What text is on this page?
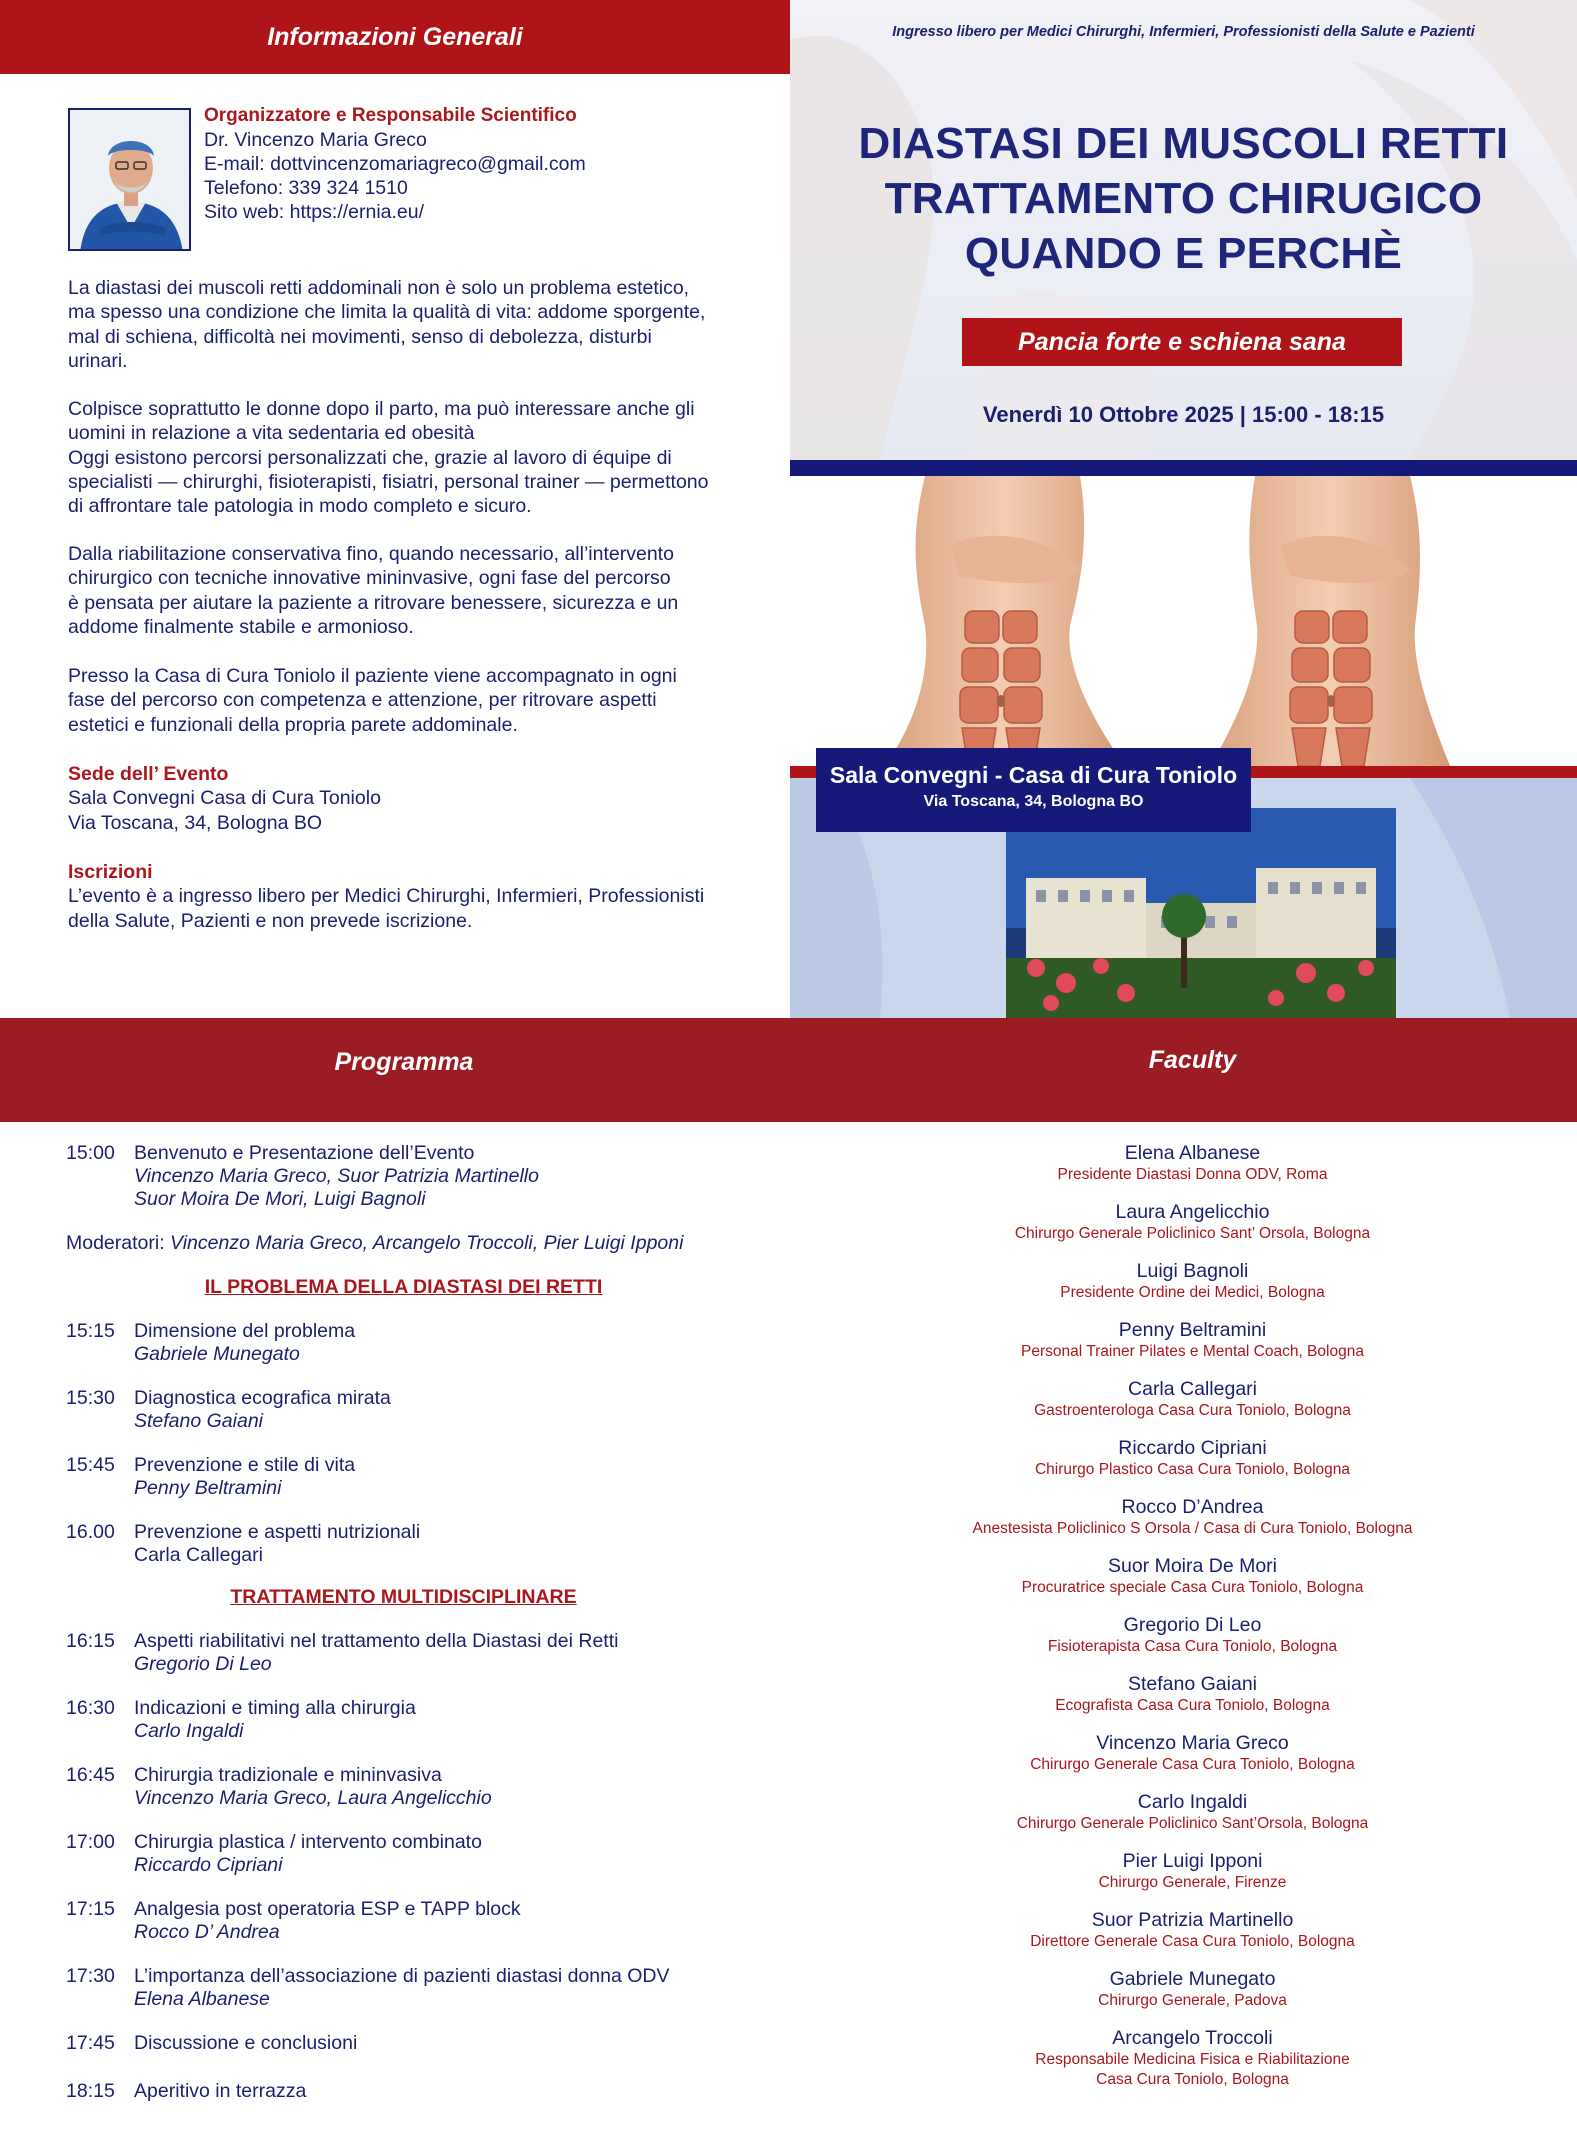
Informazioni Generali
Organizzatore e Responsabile Scientifico
Dr. Vincenzo Maria Greco
E-mail: dottvincenzomariagreco@gmail.com
Telefono: 339 324 1510
Sito web: https://ernia.eu/
La diastasi dei muscoli retti addominali non è solo un problema estetico,
ma spesso una condizione che limita la qualità di vita: addome sporgente,
mal di schiena, difficoltà nei movimenti, senso di debolezza, disturbi
urinari.
Colpisce soprattutto le donne dopo il parto, ma può interessare anche gli
uomini in relazione a vita sedentaria ed obesità
Oggi esistono percorsi personalizzati che, grazie al lavoro di équipe di
specialisti — chirurghi, fisioterapisti, fisiatri, personal trainer — permettono
di affrontare tale patologia in modo completo e sicuro.
Dalla riabilitazione conservativa fino, quando necessario, all’intervento
chirurgico con tecniche innovative mininvasive, ogni fase del percorso
è pensata per aiutare la paziente a ritrovare benessere, sicurezza e un
addome finalmente stabile e armonioso.
Presso la Casa di Cura Toniolo il paziente viene accompagnato in ogni
fase del percorso con competenza e attenzione, per ritrovare aspetti
estetici e funzionali della propria parete addominale.
Sede dell’ Evento
Sala Convegni Casa di Cura Toniolo
Via Toscana, 34, Bologna BO
Iscrizioni
L’evento è a ingresso libero per Medici Chirurghi, Infermieri, Professionisti
della Salute, Pazienti e non prevede iscrizione.
Ingresso libero per Medici Chirurghi, Infermieri, Professionisti della Salute e Pazienti
DIASTASI DEI MUSCOLI RETTI
TRATTAMENTO CHIRUGICO
QUANDO E PERCHÈ
Pancia forte e schiena sana
Venerdì 10 Ottobre 2025 | 15:00 - 18:15
Sala Convegni - Casa di Cura Toniolo
Via Toscana, 34, Bologna BO
Programma	Faculty
15:00 Benvenuto e Presentazione dell’Evento
Vincenzo Maria Greco, Suor Patrizia Martinello
Suor Moira De Mori, Luigi Bagnoli
Moderatori: Vincenzo Maria Greco, Arcangelo Troccoli, Pier Luigi Ipponi
IL PROBLEMA DELLA DIASTASI DEI RETTI
15:15 Dimensione del problema
Gabriele Munegato
15:30 Diagnostica ecografica mirata
Stefano Gaiani
15:45 Prevenzione e stile di vita
Penny Beltramini
16.00 Prevenzione e aspetti nutrizionali
Carla Callegari
TRATTAMENTO MULTIDISCIPLINARE
16:15 Aspetti riabilitativi nel trattamento della Diastasi dei Retti
Gregorio Di Leo
16:30 Indicazioni e timing alla chirurgia
Carlo Ingaldi
16:45 Chirurgia tradizionale e mininvasiva
Vincenzo Maria Greco, Laura Angelicchio
17:00 Chirurgia plastica / intervento combinato
Riccardo Cipriani
17:15 Analgesia post operatoria ESP e TAPP block
Rocco D’ Andrea
17:30 L’importanza dell’associazione di pazienti diastasi donna ODV
Elena Albanese
17:45 Discussione e conclusioni
18:15 Aperitivo in terrazza
Elena Albanese
Presidente Diastasi Donna ODV, Roma
Laura Angelicchio
Chirurgo Generale Policlinico Sant’ Orsola, Bologna
Luigi Bagnoli
Presidente Ordine dei Medici, Bologna
Penny Beltramini
Personal Trainer Pilates e Mental Coach, Bologna
Carla Callegari
Gastroenterologa Casa Cura Toniolo, Bologna
Riccardo Cipriani
Chirurgo Plastico Casa Cura Toniolo, Bologna
Rocco D’Andrea
Anestesista Policlinico S Orsola / Casa di Cura Toniolo, Bologna
Suor Moira De Mori
Procuratrice speciale Casa Cura Toniolo, Bologna
Gregorio Di Leo
Fisioterapista Casa Cura Toniolo, Bologna
Stefano Gaiani
Ecografista Casa Cura Toniolo, Bologna
Vincenzo Maria Greco
Chirurgo Generale Casa Cura Toniolo, Bologna
Carlo Ingaldi
Chirurgo Generale Policlinico Sant’Orsola, Bologna
Pier Luigi Ipponi
Chirurgo Generale, Firenze
Suor Patrizia Martinello
Direttore Generale Casa Cura Toniolo, Bologna
Gabriele Munegato
Chirurgo Generale, Padova
Arcangelo Troccoli
Responsabile Medicina Fisica e Riabilitazione
Casa Cura Toniolo, Bologna
